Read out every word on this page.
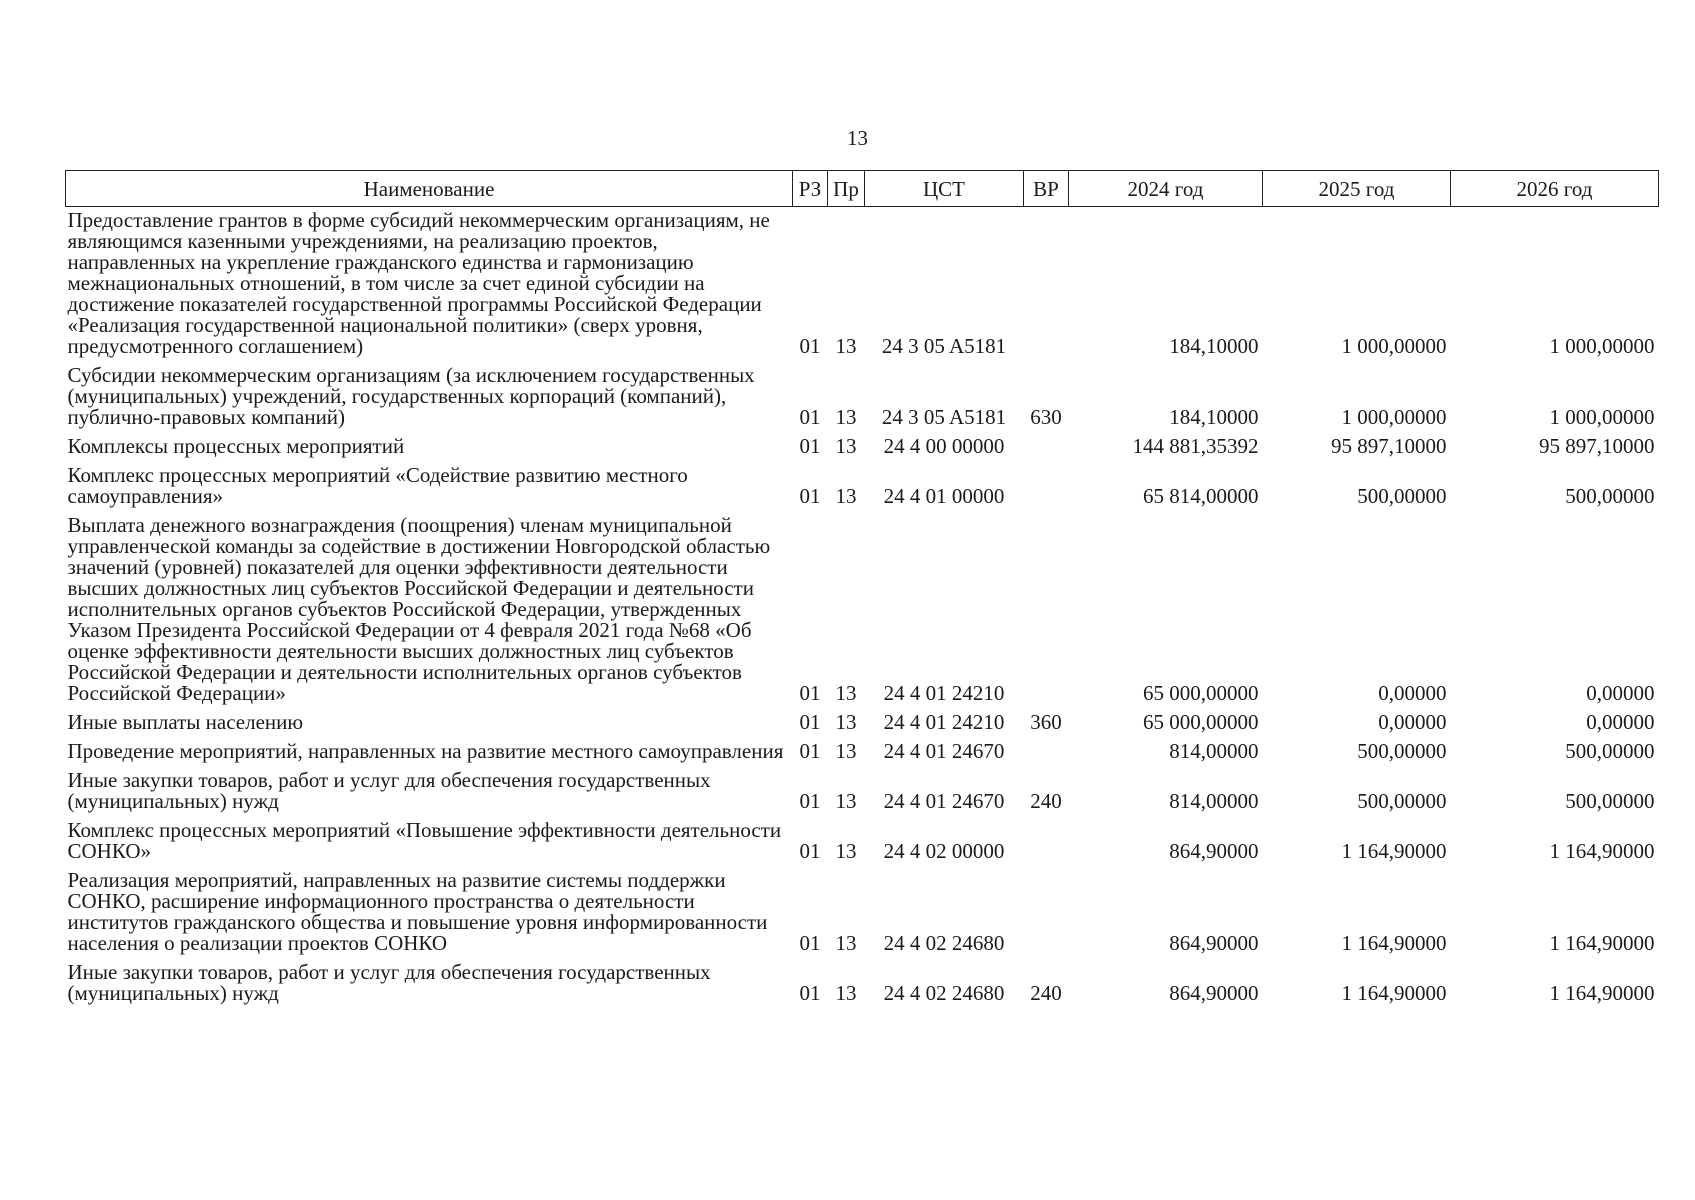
13
Наименование	РЗ	Пр	ЦСТ	ВР	2024 год	2025 год	2026 год
Предоставление грантов в форме субсидий некоммерческим организациям, не являющимся казенными учреждениями, на реализацию проектов, направленных на укрепление гражданского единства и гармонизацию межнациональных отношений, в том числе за счет единой субсидии на достижение показателей государственной программы Российской Федерации «Реализация государственной национальной политики» (сверх уровня, предусмотренного соглашением)	01	13	24 3 05 A5181		184,10000	1 000,00000	1 000,00000
Субсидии некоммерческим организациям (за исключением государственных (муниципальных) учреждений, государственных корпораций (компаний), публично-правовых компаний)	01	13	24 3 05 A5181	630	184,10000	1 000,00000	1 000,00000
Комплексы процессных мероприятий	01	13	24 4 00 00000		144 881,35392	95 897,10000	95 897,10000
Комплекс процессных мероприятий «Содействие развитию местного самоуправления»	01	13	24 4 01 00000		65 814,00000	500,00000	500,00000
Выплата денежного вознаграждения (поощрения) членам муниципальной управленческой команды за содействие в достижении Новгородской областью значений (уровней) показателей для оценки эффективности деятельности высших должностных лиц субъектов Российской Федерации и деятельности исполнительных органов субъектов Российской Федерации, утвержденных Указом Президента Российской Федерации от 4 февраля 2021 года №68 «Об оценке эффективности деятельности высших должностных лиц субъектов Российской Федерации и деятельности исполнительных органов субъектов Российской Федерации»	01	13	24 4 01 24210		65 000,00000	0,00000	0,00000
Иные выплаты населению	01	13	24 4 01 24210	360	65 000,00000	0,00000	0,00000
Проведение мероприятий, направленных на развитие местного самоуправления	01	13	24 4 01 24670		814,00000	500,00000	500,00000
Иные закупки товаров, работ и услуг для обеспечения государственных (муниципальных) нужд	01	13	24 4 01 24670	240	814,00000	500,00000	500,00000
Комплекс процессных мероприятий «Повышение эффективности деятельности СОНКО»	01	13	24 4 02 00000		864,90000	1 164,90000	1 164,90000
Реализация мероприятий, направленных на развитие системы поддержки СОНКО, расширение информационного пространства о деятельности институтов гражданского общества и повышение уровня информированности населения о реализации проектов СОНКО	01	13	24 4 02 24680		864,90000	1 164,90000	1 164,90000
Иные закупки товаров, работ и услуг для обеспечения государственных (муниципальных) нужд	01	13	24 4 02 24680	240	864,90000	1 164,90000	1 164,90000
